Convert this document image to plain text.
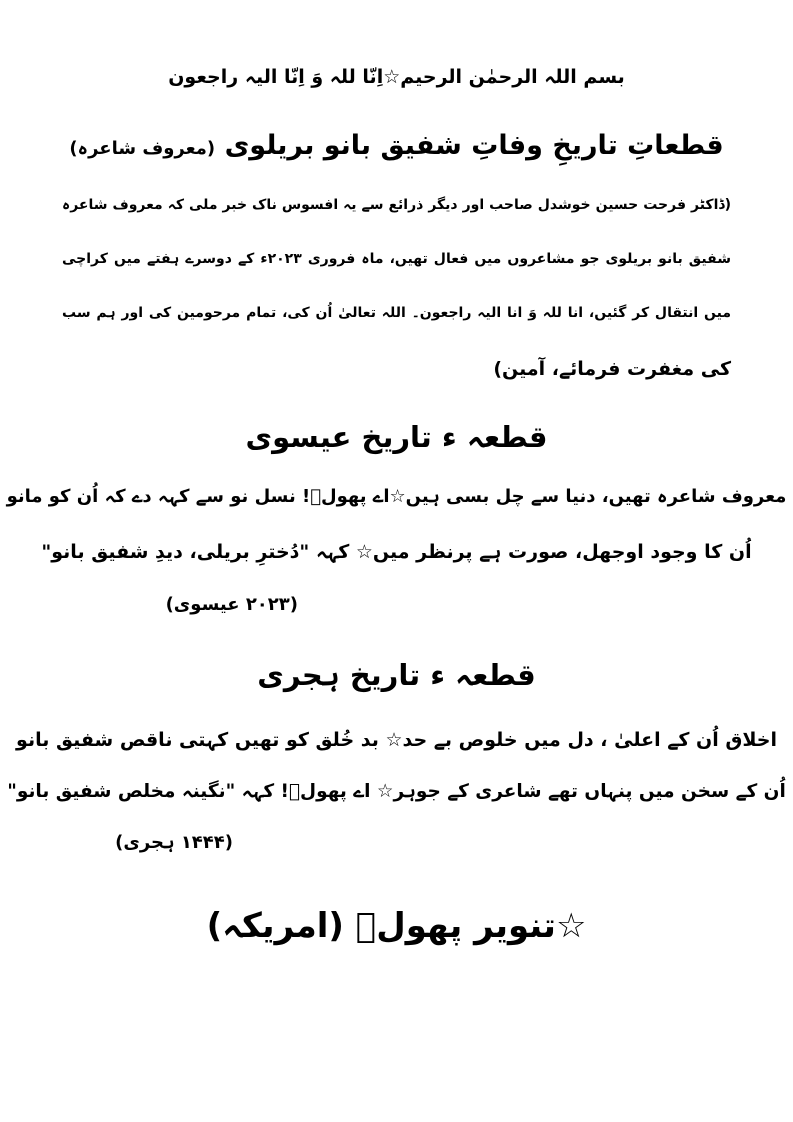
بسم اللہ الرحمٰن الرحیم☆اِنّا للہ وَ اِنّا الیہ راجعون
قطعاتِ تاریخِ وفاتِ شفیق بانو بریلوی (معروف شاعرہ)
(ڈاکٹر فرحت حسین خوشدل صاحب اور دیگر ذرائع سے یہ افسوس ناک خبر ملی کہ معروف شاعرہ
شفیق بانو بریلوی جو مشاعروں میں فعال تھیں، ماہ فروری ۲۰۲۳ء کے دوسرے ہفتے میں کراچی
میں انتقال کر گئیں، انا للہ وَ انا الیہ راجعون۔ اللہ تعالیٰ اُن کی، تمام مرحومین کی اور ہم سب
کی مغفرت فرمائے، آمین)
قطعہ ء تاریخ عیسوی
معروف شاعرہ تھیں، دنیا سے چل بسی ہیں☆اے پھولؔ! نسل نو سے کہہ دے کہ اُن کو مانو
اُن کا وجود اوجھل، صورت ہے پرنظر میں☆ کہہ "دُخترِ بریلی، دیدِ شفیق بانو"
(۲۰۲۳ عیسوی)
قطعہ ء تاریخ ہجری
اخلاق اُن کے اعلیٰ ، دل میں خلوص بے حد☆ بد خُلق کو تھیں کہتی ناقص شفیق بانو
اُن کے سخن میں پنہاں تھے شاعری کے جوہر☆ اے پھولؔ! کہہ "نگینہ مخلص شفیق بانو"
(۱۴۴۴ ہجری)
☆تنویر پھولؔ (امریکہ)
